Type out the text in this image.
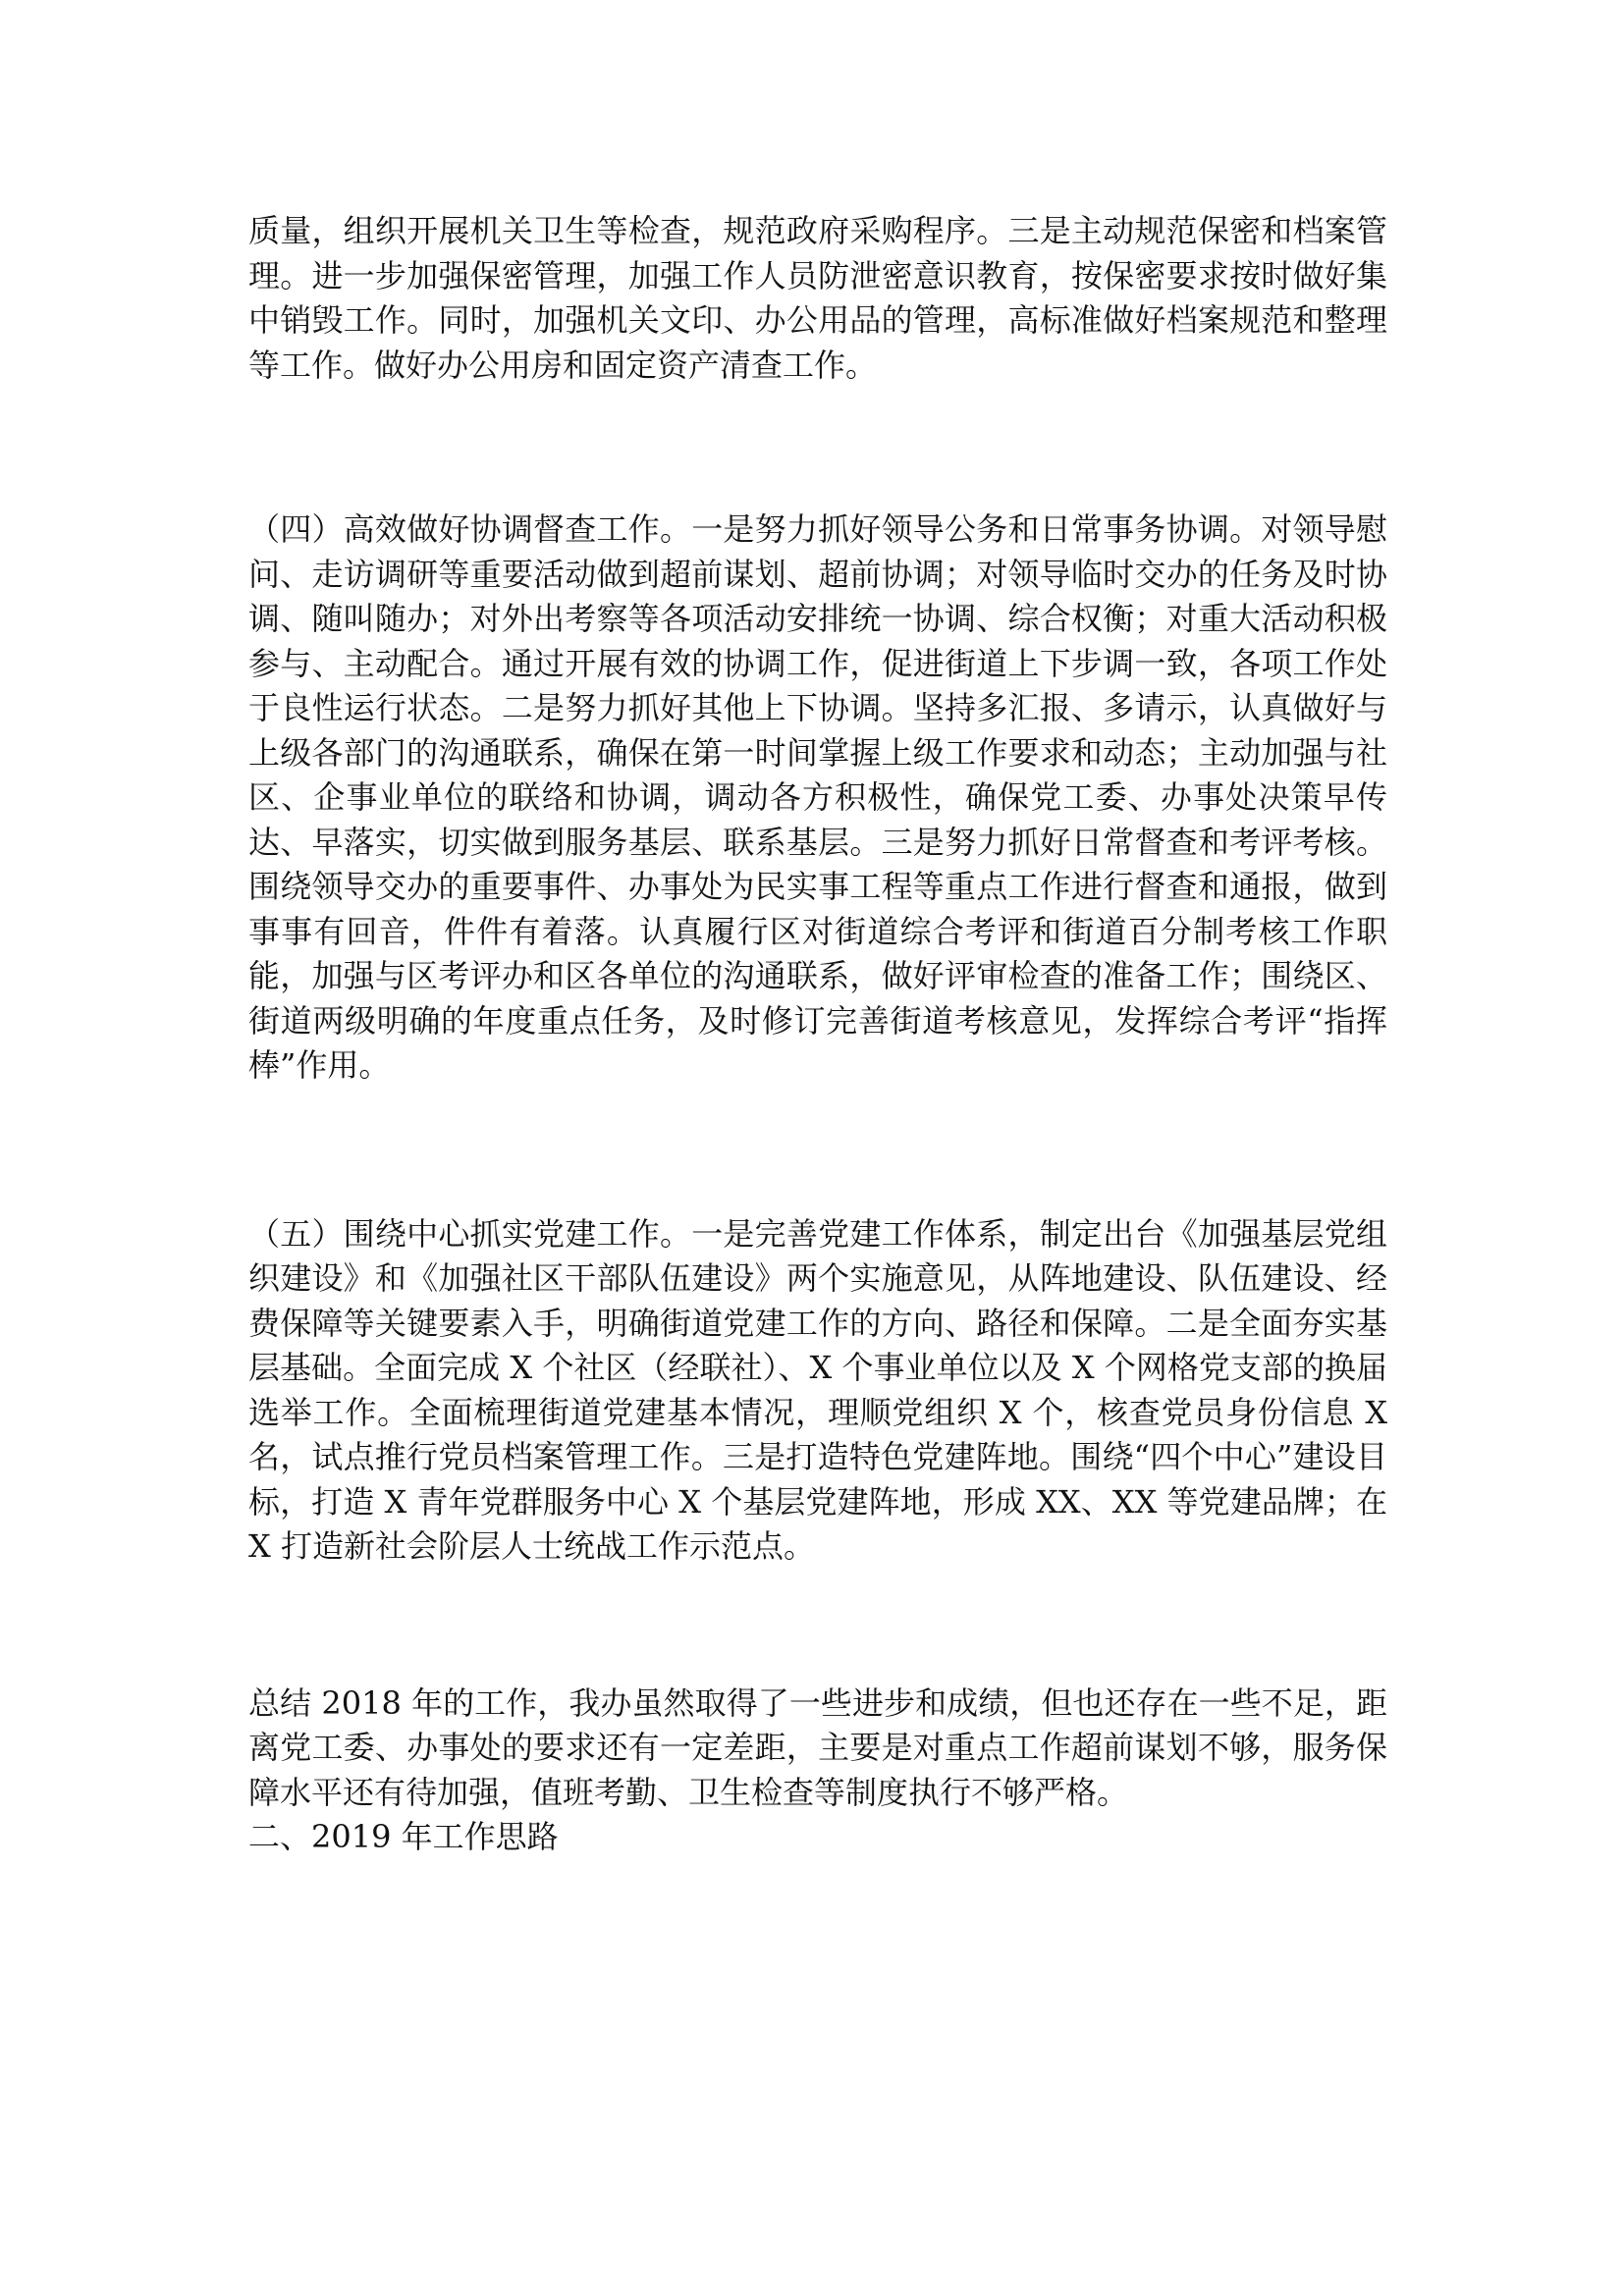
质量，组织开展机关卫生等检查，规范政府采购程序。三是主动规范保密和档案管理。进一步加强保密管理，加强工作人员防泄密意识教育，按保密要求按时做好集中销毁工作。同时，加强机关文印、办公用品的管理，高标准做好档案规范和整理等工作。做好办公用房和固定资产清查工作。

（四）高效做好协调督查工作。一是努力抓好领导公务和日常事务协调。对领导慰问、走访调研等重要活动做到超前谋划、超前协调；对领导临时交办的任务及时协调、随叫随办；对外出考察等各项活动安排统一协调、综合权衡；对重大活动积极参与、主动配合。通过开展有效的协调工作，促进街道上下步调一致，各项工作处于良性运行状态。二是努力抓好其他上下协调。坚持多汇报、多请示，认真做好与上级各部门的沟通联系，确保在第一时间掌握上级工作要求和动态；主动加强与社区、企事业单位的联络和协调，调动各方积极性，确保党工委、办事处决策早传达、早落实，切实做到服务基层、联系基层。三是努力抓好日常督查和考评考核。围绕领导交办的重要事件、办事处为民实事工程等重点工作进行督查和通报，做到事事有回音，件件有着落。认真履行区对街道综合考评和街道百分制考核工作职能，加强与区考评办和区各单位的沟通联系，做好评审检查的准备工作；围绕区、街道两级明确的年度重点任务，及时修订完善街道考核意见，发挥综合考评“指挥棒”作用。

（五）围绕中心抓实党建工作。一是完善党建工作体系，制定出台《加强基层党组织建设》和《加强社区干部队伍建设》两个实施意见，从阵地建设、队伍建设、经费保障等关键要素入手，明确街道党建工作的方向、路径和保障。二是全面夯实基层基础。全面完成 X 个社区（经联社）、X 个事业单位以及 X 个网格党支部的换届选举工作。全面梳理街道党建基本情况，理顺党组织 X 个，核查党员身份信息 X 名，试点推行党员档案管理工作。三是打造特色党建阵地。围绕“四个中心”建设目标，打造 X 青年党群服务中心 X 个基层党建阵地，形成 XX、XX 等党建品牌；在 X 打造新社会阶层人士统战工作示范点。

总结 2018 年的工作，我办虽然取得了一些进步和成绩，但也还存在一些不足，距离党工委、办事处的要求还有一定差距，主要是对重点工作超前谋划不够，服务保障水平还有待加强，值班考勤、卫生检查等制度执行不够严格。

二、2019 年工作思路
